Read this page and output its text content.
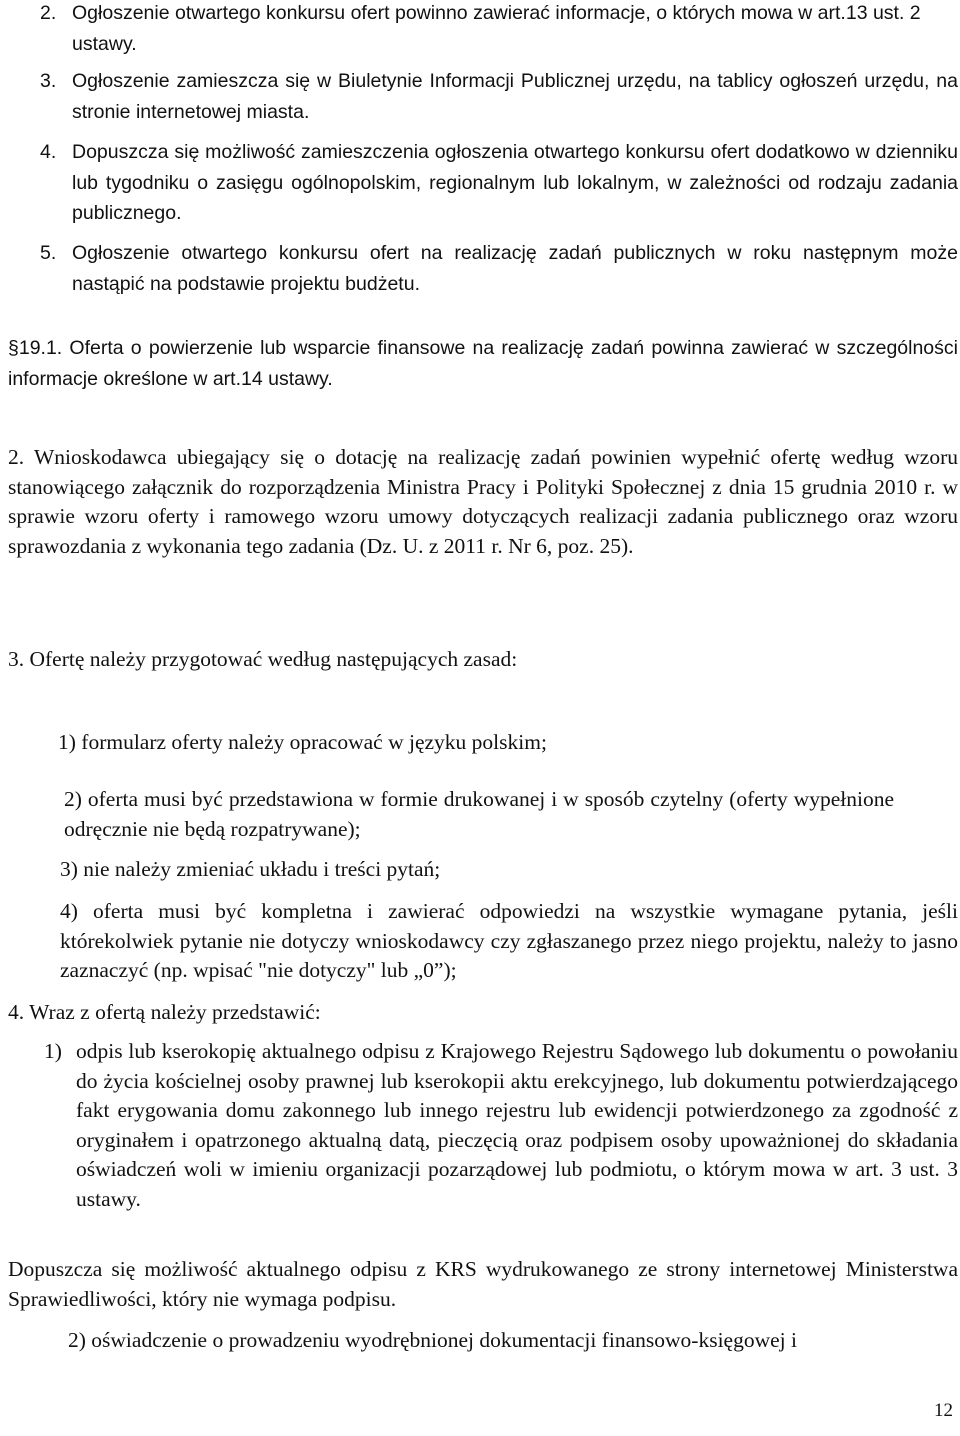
2. Ogłoszenie otwartego konkursu ofert powinno zawierać informacje, o których mowa w art.13 ust. 2 ustawy.
3. Ogłoszenie zamieszcza się w Biuletynie Informacji Publicznej urzędu, na tablicy ogłoszeń urzędu, na stronie internetowej miasta.
4. Dopuszcza się możliwość zamieszczenia ogłoszenia otwartego konkursu ofert dodatkowo w dzienniku lub tygodniku o zasięgu ogólnopolskim, regionalnym lub lokalnym, w zależności od rodzaju zadania publicznego.
5. Ogłoszenie otwartego konkursu ofert na realizację zadań publicznych w roku następnym może nastąpić na podstawie projektu budżetu.

§19.1. Oferta o powierzenie lub wsparcie finansowe na realizację zadań powinna zawierać w szczególności informacje określone w art.14 ustawy.

2. Wnioskodawca ubiegający się o dotację na realizację zadań powinien wypełnić ofertę według wzoru stanowiącego załącznik do rozporządzenia Ministra Pracy i Polityki Społecznej z dnia 15 grudnia 2010 r. w sprawie wzoru oferty i ramowego wzoru umowy dotyczących realizacji zadania publicznego oraz wzoru sprawozdania z wykonania tego zadania (Dz. U. z 2011 r. Nr 6, poz. 25).

3. Ofertę należy przygotować według następujących zasad:

1) formularz oferty należy opracować w języku polskim;

2) oferta musi być przedstawiona w formie drukowanej i w sposób czytelny (oferty wypełnione odręcznie nie będą rozpatrywane);

3) nie należy zmieniać układu i treści pytań;

4) oferta musi być kompletna i zawierać odpowiedzi na wszystkie wymagane pytania, jeśli którekolwiek pytanie nie dotyczy wnioskodawcy czy zgłaszanego przez niego projektu, należy to jasno zaznaczyć (np. wpisać "nie dotyczy" lub „0”);

4. Wraz z ofertą należy przedstawić:

1) odpis lub kserokopię aktualnego odpisu z Krajowego Rejestru Sądowego lub dokumentu o powołaniu do życia kościelnej osoby prawnej lub kserokopii aktu erekcyjnego, lub dokumentu potwierdzającego fakt erygowania domu zakonnego lub innego rejestru lub ewidencji potwierdzonego za zgodność z oryginałem i opatrzonego aktualną datą, pieczęcią oraz podpisem osoby upoważnionej do składania oświadczeń woli w imieniu organizacji pozarządowej lub podmiotu, o którym mowa w art. 3 ust. 3 ustawy.

Dopuszcza się możliwość aktualnego odpisu z KRS wydrukowanego ze strony internetowej Ministerstwa Sprawiedliwości, który nie wymaga podpisu.

2) oświadczenie o prowadzeniu wyodrębnionej dokumentacji finansowo-księgowej i

12
